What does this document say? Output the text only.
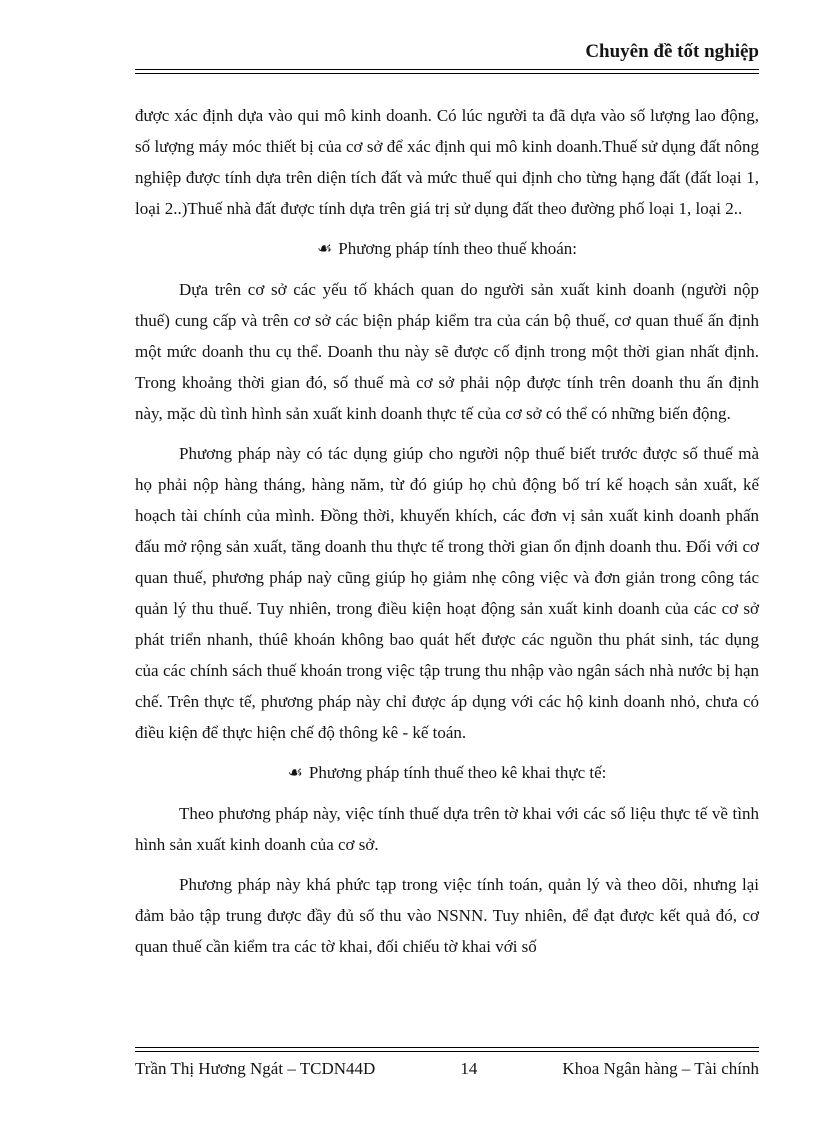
Chuyên đề tốt nghiệp

được xác định dựa vào qui mô kinh doanh. Có lúc người ta đã dựa vào số lượng lao động, số lượng máy móc thiết bị của cơ sở để xác định qui mô kinh doanh.Thuế sử dụng đất nông nghiệp được tính dựa trên diện tích đất và mức thuế qui định cho từng hạng đất (đất loại 1, loại 2..)Thuế nhà đất được tính dựa trên giá trị sử dụng đất theo đường phố loại 1, loại 2..

☙ Phương pháp tính theo thuế khoán:

Dựa trên cơ sở các yếu tố khách quan do người sản xuất kinh doanh (người nộp thuế) cung cấp và trên cơ sở các biện pháp kiểm tra của cán bộ thuế, cơ quan thuế ấn định một mức doanh thu cụ thể. Doanh thu này sẽ được cố định trong một thời gian nhất định. Trong khoảng thời gian đó, số thuế mà cơ sở phải nộp được tính trên doanh thu ấn định này, mặc dù tình hình sản xuất kinh doanh thực tế của cơ sở có thể có những biến động.

Phương pháp này có tác dụng giúp cho người nộp thuế biết trước được số thuế mà họ phải nộp hàng tháng, hàng năm, từ đó giúp họ chủ động bố trí kế hoạch sản xuất, kế hoạch tài chính của mình. Đồng thời, khuyến khích, các đơn vị sản xuất kinh doanh phấn đấu mở rộng sản xuất, tăng doanh thu thực tế trong thời gian ổn định doanh thu. Đối với cơ quan thuế, phương pháp naỳ cũng giúp họ giảm nhẹ công việc và đơn giản trong công tác quản lý thu thuế. Tuy nhiên, trong điều kiện hoạt động sản xuất kinh doanh của các cơ sở phát triển nhanh, thúê khoán không bao quát hết được các nguồn thu phát sinh, tác dụng của các chính sách thuế khoán trong việc tập trung thu nhập vào ngân sách nhà nước bị hạn chế. Trên thực tế, phương pháp này chỉ được áp dụng với các hộ kinh doanh nhỏ, chưa có điều kiện để thực hiện chế độ thông kê - kế toán.

☙ Phương pháp tính thuế theo kê khai thực tế:

Theo phương pháp này, việc tính thuế dựa trên tờ khai với các số liệu thực tế về tình hình sản xuất kinh doanh của cơ sở.

Phương pháp này khá phức tạp trong việc tính toán, quản lý và theo dõi, nhưng lại đảm bảo tập trung được đầy đủ số thu vào NSNN. Tuy nhiên, để đạt được kết quả đó, cơ quan thuế cần kiểm tra các tờ khai, đối chiếu tờ khai với số

Trần Thị Hương Ngát – TCDN44D	14	Khoa Ngân hàng – Tài chính
